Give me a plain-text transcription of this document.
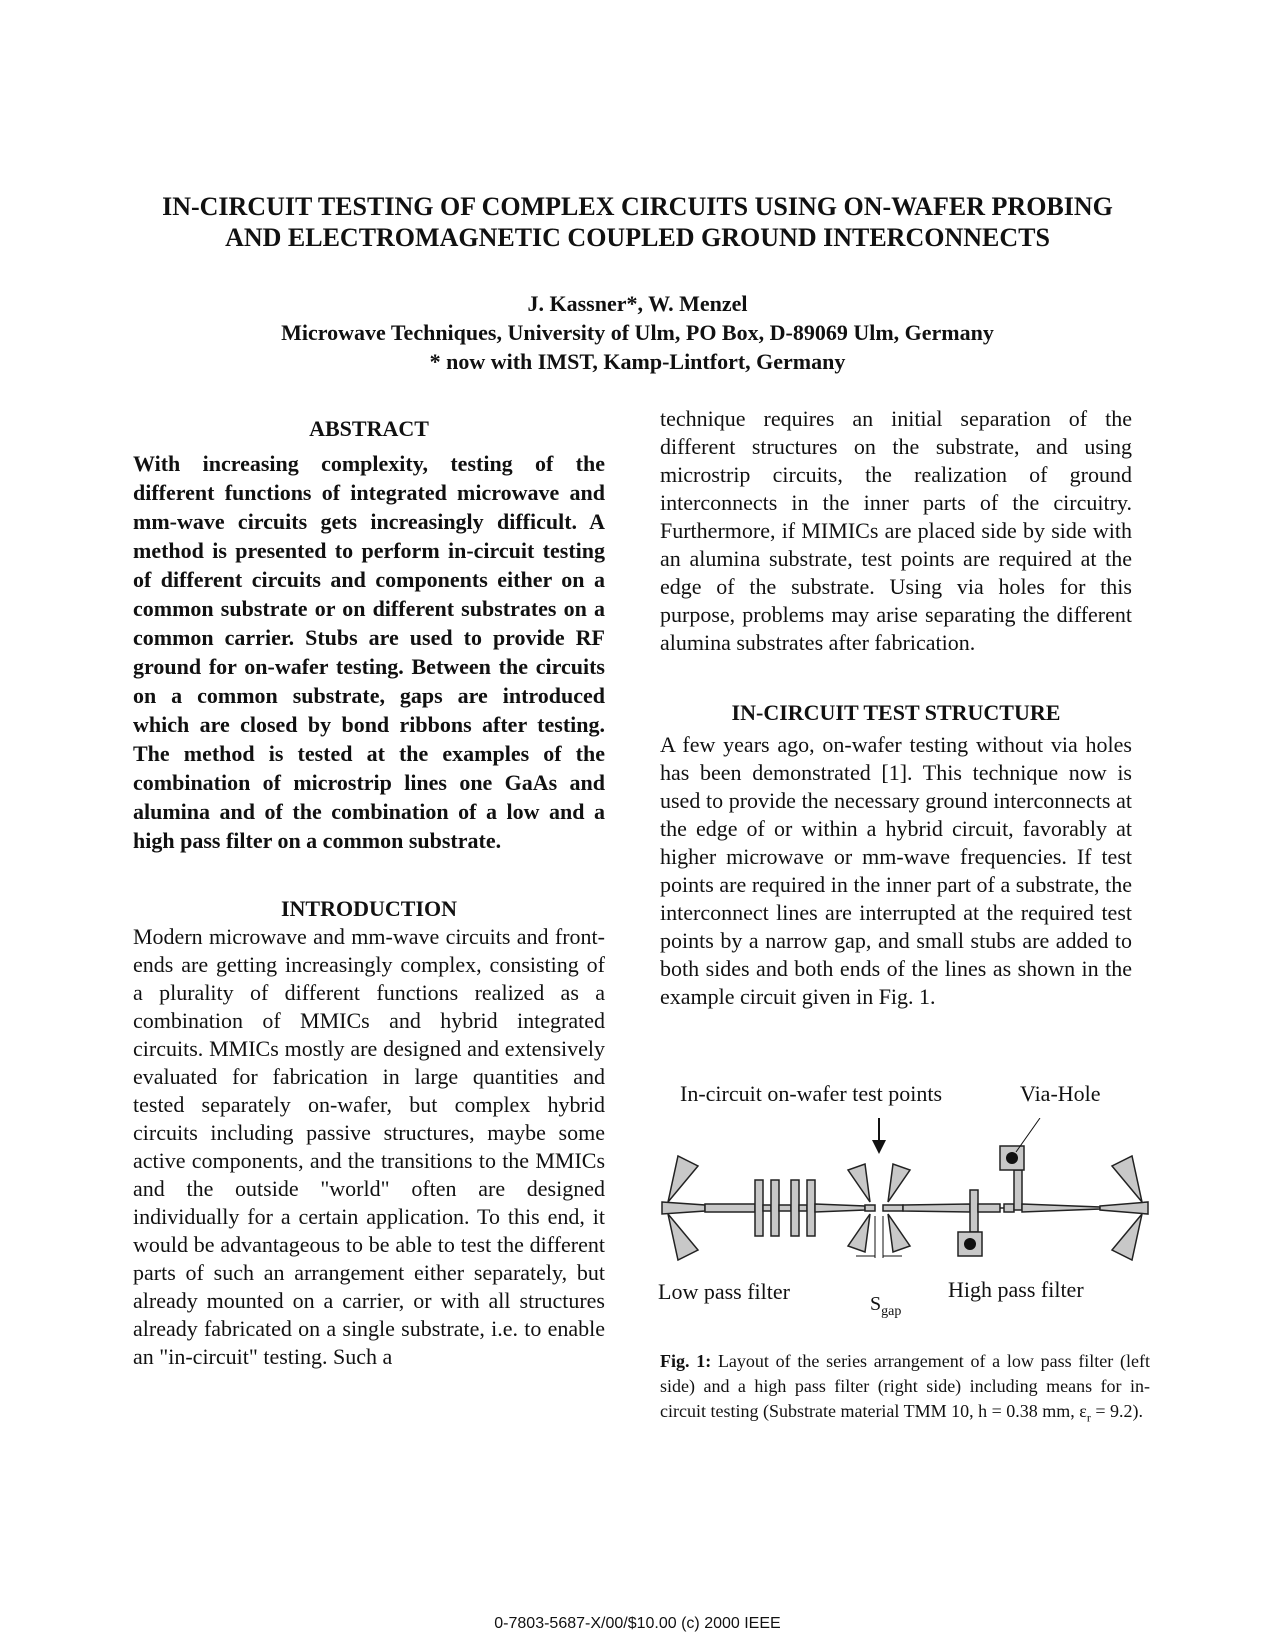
IN-CIRCUIT TESTING OF COMPLEX CIRCUITS USING ON-WAFER PROBING
AND ELECTROMAGNETIC COUPLED GROUND INTERCONNECTS
J. Kassner*, W. Menzel
Microwave Techniques, University of Ulm, PO Box, D-89069 Ulm, Germany
* now with IMST, Kamp-Lintfort, Germany
ABSTRACT

With increasing complexity, testing of the different functions of integrated microwave and mm-wave circuits gets increasingly difficult. A method is presented to perform in-circuit testing of different circuits and components either on a common substrate or on different substrates on a common carrier. Stubs are used to provide RF ground for on-wafer testing. Between the circuits on a common substrate, gaps are introduced which are closed by bond ribbons after testing. The method is tested at the examples of the combination of microstrip lines one GaAs and alumina and of the combination of a low and a high pass filter on a common substrate.

INTRODUCTION

Modern microwave and mm-wave circuits and front-ends are getting increasingly complex, consisting of a plurality of different functions realized as a combination of MMICs and hybrid integrated circuits. MMICs mostly are designed and extensively evaluated for fabrication in large quantities and tested separately on-wafer, but complex hybrid circuits including passive structures, maybe some active components, and the transitions to the MMICs and the outside "world" often are designed individually for a certain application. To this end, it would be advantageous to be able to test the different parts of such an arrangement either separately, but already mounted on a carrier, or with all structures already fabricated on a single substrate, i.e. to enable an "in-circuit" testing. Such a

technique requires an initial separation of the different structures on the substrate, and using microstrip circuits, the realization of ground interconnects in the inner parts of the circuitry. Furthermore, if MIMICs are placed side by side with an alumina substrate, test points are required at the edge of the substrate. Using via holes for this purpose, problems may arise separating the different alumina substrates after fabrication.

IN-CIRCUIT TEST STRUCTURE

A few years ago, on-wafer testing without via holes has been demonstrated [1]. This technique now is used to provide the necessary ground interconnects at the edge of or within a hybrid circuit, favorably at higher microwave or mm-wave frequencies. If test points are required in the inner part of a substrate, the interconnect lines are interrupted at the required test points by a narrow gap, and small stubs are added to both sides and both ends of the lines as shown in the example circuit given in Fig. 1.

In-circuit on-wafer test points	Via-Hole
Low pass filter	High pass filter
$S_{gap}$
Fig. 1: Layout of the series arrangement of a low pass filter (left side) and a high pass filter (right side) including means for in-circuit testing (Substrate material TMM 10, h = 0.38 mm, $\varepsilon_r = 9.2$).
0-7803-5687-X/00/$10.00 (c) 2000 IEEE
